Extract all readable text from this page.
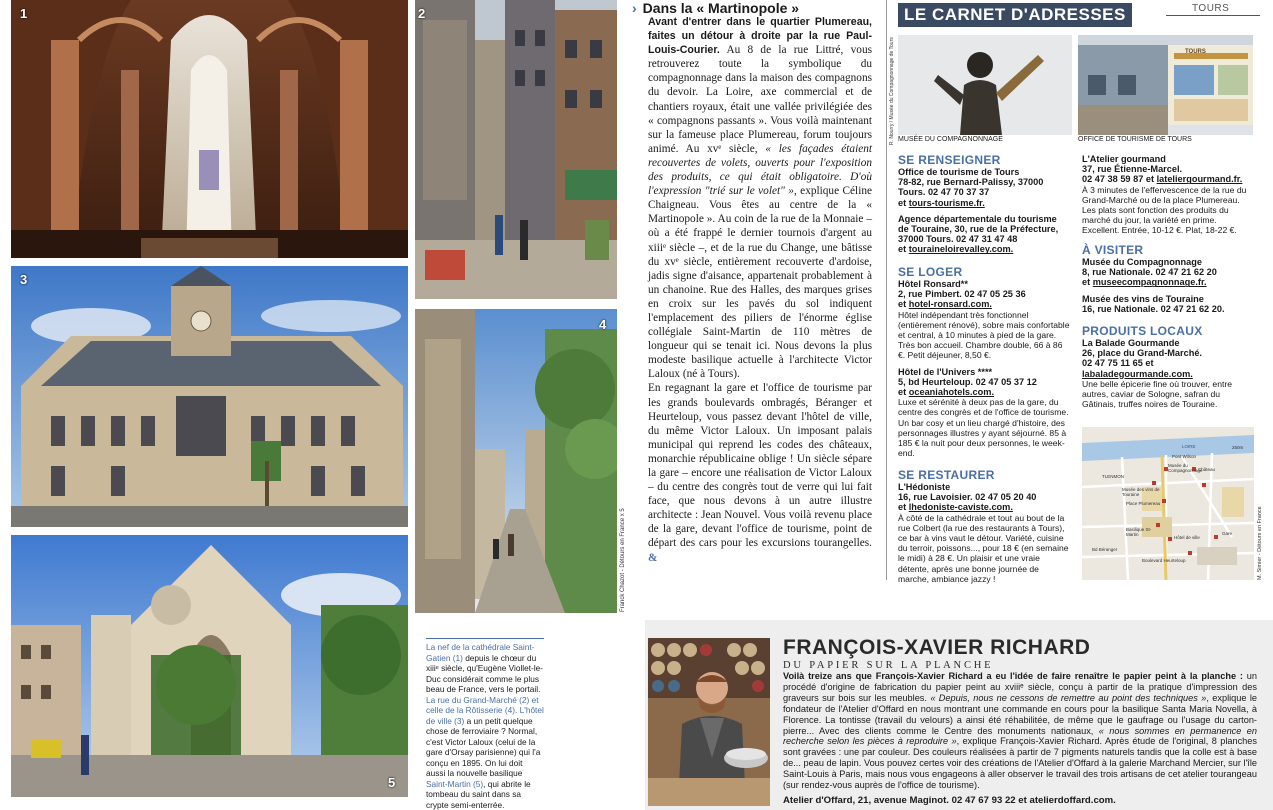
1	2
3
4
Franck Chazot - Détours en France x 5
5
La nef de la cathédrale Saint-Gatien (1) depuis le chœur du xiiiᵉ siècle, qu'Eugène Viollet-le-Duc considérait comme le plus beau de France, vers le portail. La rue du Grand-Marché (2) et celle de la Rôtisserie (4). L'hôtel de ville (3) a un petit quelque chose de ferroviaire ? Normal, c'est Victor Laloux (celui de la gare d'Orsay parisienne) qui l'a conçu en 1895. On lui doit aussi la nouvelle basilique Saint-Martin (5), qui abrite le tombeau du saint dans sa crypte semi-enterrée.
› Dans la « Martinopole »

Avant d'entrer dans le quartier Plumereau, faites un détour à droite par la rue Paul-Louis-Courier. Au 8 de la rue Littré, vous retrouverez toute la symbolique du compagnonnage dans la maison des compagnons du devoir. La Loire, axe commercial et de chantiers royaux, était une vallée privilégiée des « compagnons passants ». Vous voilà maintenant sur la fameuse place Plumereau, forum toujours animé. Au xvᵉ siècle, « les façades étaient recouvertes de volets, ouverts pour l'exposition des produits, ce qui était obligatoire. D'où l'expression "trié sur le volet" », explique Céline Chaigneau. Vous êtes au centre de la « Martinopole ». Au coin de la rue de la Monnaie – où a été frappé le dernier tournois d'argent au xiiiᵉ siècle –, et de la rue du Change, une bâtisse du xvᵉ siècle, entièrement recouverte d'ardoise, jadis signe d'aisance, appartenait probablement à un chanoine. Rue des Halles, des marques grises en croix sur les pavés du sol indiquent l'emplacement des piliers de l'énorme église collégiale Saint-Martin de 110 mètres de longueur qui se tenait ici. Nous devons la plus modeste basilique actuelle à l'architecte Victor Laloux (né à Tours).

En regagnant la gare et l'office de tourisme par les grands boulevards ombragés, Béranger et Heurteloup, vous passez devant l'hôtel de ville, du même Victor Laloux. Un imposant palais municipal qui reprend les codes des châteaux, monarchie républicaine oblige ! Un siècle sépare la gare – encore une réalisation de Victor Laloux – du centre des congrès tout de verre qui lui fait face, que nous devons à un autre illustre architecte : Jean Nouvel. Vous voilà revenu place de la gare, devant l'office de tourisme, point de départ des cars pour les excursions tourangelles. &

LE CARNET D'ADRESSES	TOURS
MUSÉE DU COMPAGNONNAGE
R. Nourry / Musée du Compagnonnage de Tours	TOURS
OFFICE DE TOURISME DE TOURS
SE RENSEIGNER
Office de tourisme de Tours
78-82, rue Bernard-Palissy, 37000 Tours. 02 47 70 37 37
et tours-tourisme.fr.
Agence départementale du tourisme de Touraine, 30, rue de la Préfecture, 37000 Tours. 02 47 31 47 48
et touraineloirevalley.com.
SE LOGER
Hôtel Ronsard**
2, rue Pimbert. 02 47 05 25 36
et hotel-ronsard.com.
Hôtel indépendant très fonctionnel (entièrement rénové), sobre mais confortable et central, à 10 minutes à pied de la gare. Très bon accueil. Chambre double, 66 à 86 €. Petit déjeuner, 8,50 €.
Hôtel de l'Univers ****
5, bd Heurteloup. 02 47 05 37 12
et oceaniahotels.com.
Luxe et sérénité à deux pas de la gare, du centre des congrès et de l'office de tourisme. Un bar cosy et un lieu chargé d'histoire, des personnages illustres y ayant séjourné. 85 à 185 € la nuit pour deux personnes, le week-end.
SE RESTAURER
L'Hédoniste
16, rue Lavoisier. 02 47 05 20 40
et lhedoniste-caviste.com.
À côté de la cathédrale et tout au bout de la rue Colbert (la rue des restaurants à Tours), ce bar à vins vaut le détour. Variété, cuisine du terroir, poissons..., pour 18 € (en semaine le midi) à 28 €. Un plaisir et une vraie détente, après une bonne journée de marche, ambiance jazzy !
L'Atelier gourmand
37, rue Étienne-Marcel.
02 47 38 59 87 et lateliergourmand.fr.
À 3 minutes de l'effervescence de la rue du Grand-Marché ou de la place Plumereau. Les plats sont fonction des produits du marché du jour, la variété en prime. Excellent. Entrée, 10-12 €. Plat, 18-22 €.
À VISITER
Musée du Compagnonnage
8, rue Nationale. 02 47 21 62 20
et museecompagnonnage.fr.
Musée des vins de Touraine
16, rue Nationale. 02 47 21 62 20.
PRODUITS LOCAUX
La Balade Gourmande
26, place du Grand-Marché.
02 47 75 11 65 et
labaladegourmande.com.
Une belle épicerie fine où trouver, entre autres, caviar de Sologne, safran du Gâtinais, truffes noires de Touraine.
LOIRE	250m
TLENMON
Musée du Compagnonnage
Château
Musée des vins de Touraine
Place Plumereau
Basilique St-Martin
Hôtel de ville
Gare
Boulevard Heurteloup
Bd Béranger
Pont Wilson
M. Simier - Détours en France
FRANÇOIS-XAVIER RICHARD
DU PAPIER SUR LA PLANCHE
Voilà treize ans que François-Xavier Richard a eu l'idée de faire renaître le papier peint à la planche : un procédé d'origine de fabrication du papier peint au xviiiᵉ siècle, conçu à partir de la pratique d'impression des graveurs sur bois sur les meubles. « Depuis, nous ne cessons de remettre au point des techniques », explique le fondateur de l'Atelier d'Offard en nous montrant une commande en cours pour la basilique Santa Maria Novella, à Florence. La tontisse (travail du velours) a ainsi été réhabilitée, de même que le gaufrage ou l'usage du carton-pierre... Avec des clients comme le Centre des monuments nationaux, « nous sommes en permanence en recherche selon les pièces à reproduire », explique François-Xavier Richard. Après étude de l'original, 8 planches sont gravées : une par couleur. Des couleurs réalisées à partir de 7 pigments naturels tandis que la colle est à base de... peau de lapin. Vous pouvez certes voir des créations de l'Atelier d'Offard à la galerie Marchand Mercier, sur l'île Saint-Louis à Paris, mais nous vous engageons à aller observer le travail des trois artisans de cet atelier tourangeau (sur rendez-vous auprès de l'office de tourisme).
Atelier d'Offard, 21, avenue Maginot. 02 47 67 93 22 et atelierdoffard.com.
